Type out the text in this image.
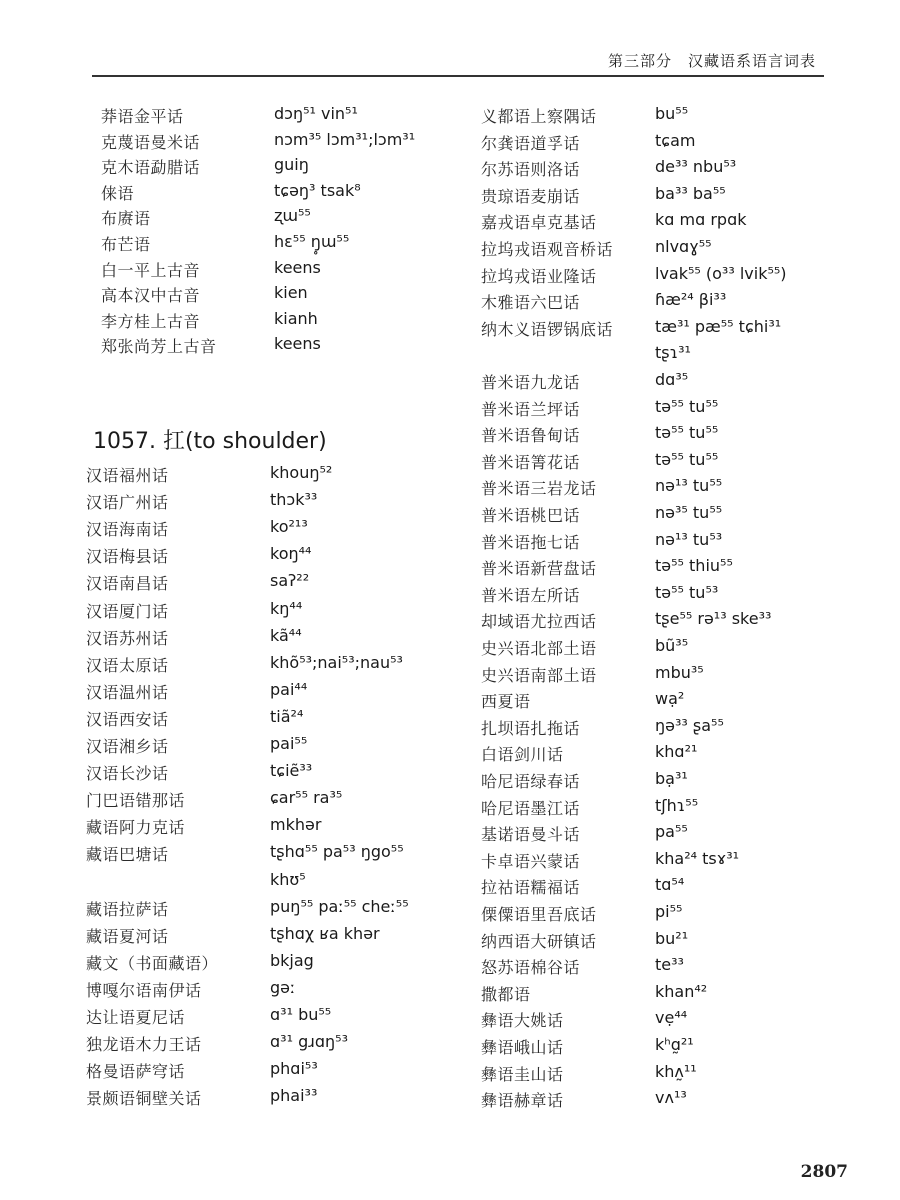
第三部分　汉藏语系语言词表
莽语金平话	dɔŋ⁵¹ vin⁵¹
克蔑语曼米话	nɔm³⁵ lɔm³¹;lɔm³¹
克木语勐腊话	guiŋ
俫语	tɕəŋ³ tsak⁸
布赓语	ʐɯ⁵⁵
布芒语	hɛ⁵⁵ ŋ̥ɯ⁵⁵
白一平上古音	keens
高本汉中古音	kien
李方桂上古音	kianh
郑张尚芳上古音	keens
1057. 扛(to shoulder)
汉语福州话	khouŋ⁵²
汉语广州话	thɔk³³
汉语海南话	ko²¹³
汉语梅县话	koŋ⁴⁴
汉语南昌话	saʔ²²
汉语厦门话	kŋ⁴⁴
汉语苏州话	kã⁴⁴
汉语太原话	khõ⁵³;nai⁵³;nau⁵³
汉语温州话	pai⁴⁴
汉语西安话	tiã²⁴
汉语湘乡话	pai⁵⁵
汉语长沙话	tɕiẽ³³
门巴语错那话	ɕar⁵⁵ ra³⁵
藏语阿力克话	mkhər
藏语巴塘话	tʂhɑ⁵⁵ pa⁵³ ŋgo⁵⁵
khʊ⁵
藏语拉萨话	puŋ⁵⁵ paː⁵⁵ cheː⁵⁵
藏语夏河话	tʂhɑχ ʁa khər
藏文（书面藏语）	bkjag
博嘎尔语南伊话	gəː
达让语夏尼话	ɑ³¹ bu⁵⁵
独龙语木力王话	ɑ³¹ gɹɑŋ⁵³
格曼语萨穹话	phɑi⁵³
景颇语铜壁关话	phai³³
义都语上察隅话	bu⁵⁵
尔龚语道孚话	tɕam
尔苏语则洛话	de³³ nbu⁵³
贵琼语麦崩话	ba³³ ba⁵⁵
嘉戎语卓克基话	kɑ mɑ rpɑk
拉坞戎语观音桥话	nlvɑɣ⁵⁵
拉坞戎语业隆话	lvak⁵⁵ (o³³ lvik⁵⁵)
木雅语六巴话	ɦæ²⁴ βi³³
纳木义语锣锅底话	tæ³¹ pæ⁵⁵ tɕhi³¹
tʂɿ³¹
普米语九龙话	dɑ³⁵
普米语兰坪话	tə⁵⁵ tu⁵⁵
普米语鲁甸话	tə⁵⁵ tu⁵⁵
普米语箐花话	tə⁵⁵ tu⁵⁵
普米语三岩龙话	nə¹³ tu⁵⁵
普米语桃巴话	nə³⁵ tu⁵⁵
普米语拖七话	nə¹³ tu⁵³
普米语新营盘话	tə⁵⁵ thiu⁵⁵
普米语左所话	tə⁵⁵ tu⁵³
却域语尤拉西话	tʂe⁵⁵ rə¹³ ske³³
史兴语北部土语	bũ³⁵
史兴语南部土语	mbu³⁵
西夏语	wạ²
扎坝语扎拖话	ŋə³³ ʂa⁵⁵
白语剑川话	khɑ²¹
哈尼语绿春话	bạ³¹
哈尼语墨江话	tʃhɿ⁵⁵
基诺语曼斗话	pa⁵⁵
卡卓语兴蒙话	kha²⁴ tsɤ³¹
拉祜语糯福话	tɑ⁵⁴
傈僳语里吾底话	pi⁵⁵
纳西语大研镇话	bu²¹
怒苏语棉谷话	te³³
撒都语	khan⁴²
彝语大姚话	vẹ⁴⁴
彝语峨山话	kʰɑ̰²¹
彝语圭山话	khʌ̰¹¹
彝语赫章话	vʌ¹³
2807
